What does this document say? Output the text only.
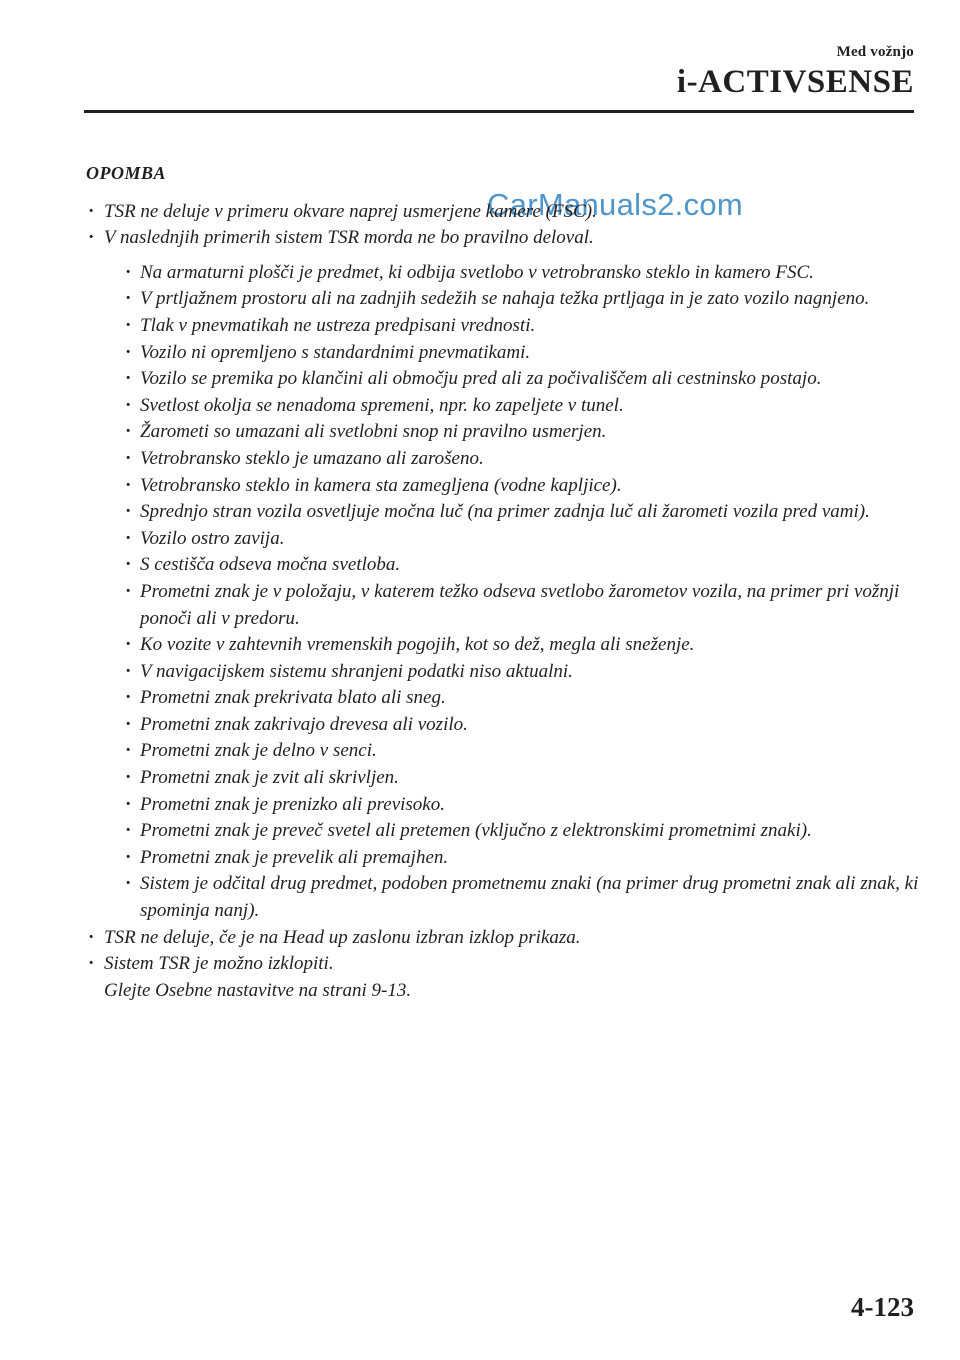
Med vožnjo
i-ACTIVSENSE
CarManuals2.com
OPOMBA
· TSR ne deluje v primeru okvare naprej usmerjene kamere (FSC).
· V naslednjih primerih sistem TSR morda ne bo pravilno deloval.
· Na armaturni plošči je predmet, ki odbija svetlobo v vetrobransko steklo in kamero FSC.
· V prtljažnem prostoru ali na zadnjih sedežih se nahaja težka prtljaga in je zato vozilo nagnjeno.
· Tlak v pnevmatikah ne ustreza predpisani vrednosti.
· Vozilo ni opremljeno s standardnimi pnevmatikami.
· Vozilo se premika po klančini ali območju pred ali za počivališčem ali cestninsko postajo.
· Svetlost okolja se nenadoma spremeni, npr. ko zapeljete v tunel.
· Žarometi so umazani ali svetlobni snop ni pravilno usmerjen.
· Vetrobransko steklo je umazano ali zarošeno.
· Vetrobransko steklo in kamera sta zamegljena (vodne kapljice).
· Sprednjo stran vozila osvetljuje močna luč (na primer zadnja luč ali žarometi vozila pred vami).
· Vozilo ostro zavija.
· S cestišča odseva močna svetloba.
· Prometni znak je v položaju, v katerem težko odseva svetlobo žarometov vozila, na primer pri vožnji ponoči ali v predoru.
· Ko vozite v zahtevnih vremenskih pogojih, kot so dež, megla ali sneženje.
· V navigacijskem sistemu shranjeni podatki niso aktualni.
· Prometni znak prekrivata blato ali sneg.
· Prometni znak zakrivajo drevesa ali vozilo.
· Prometni znak je delno v senci.
· Prometni znak je zvit ali skrivljen.
· Prometni znak je prenizko ali previsoko.
· Prometni znak je preveč svetel ali pretemen (vključno z elektronskimi prometnimi znaki).
· Prometni znak je prevelik ali premajhen.
· Sistem je odčital drug predmet, podoben prometnemu znaki (na primer drug prometni znak ali znak, ki spominja nanj).
· TSR ne deluje, če je na Head up zaslonu izbran izklop prikaza.
· Sistem TSR je možno izklopiti.
Glejte Osebne nastavitve na strani 9-13.
4-123
